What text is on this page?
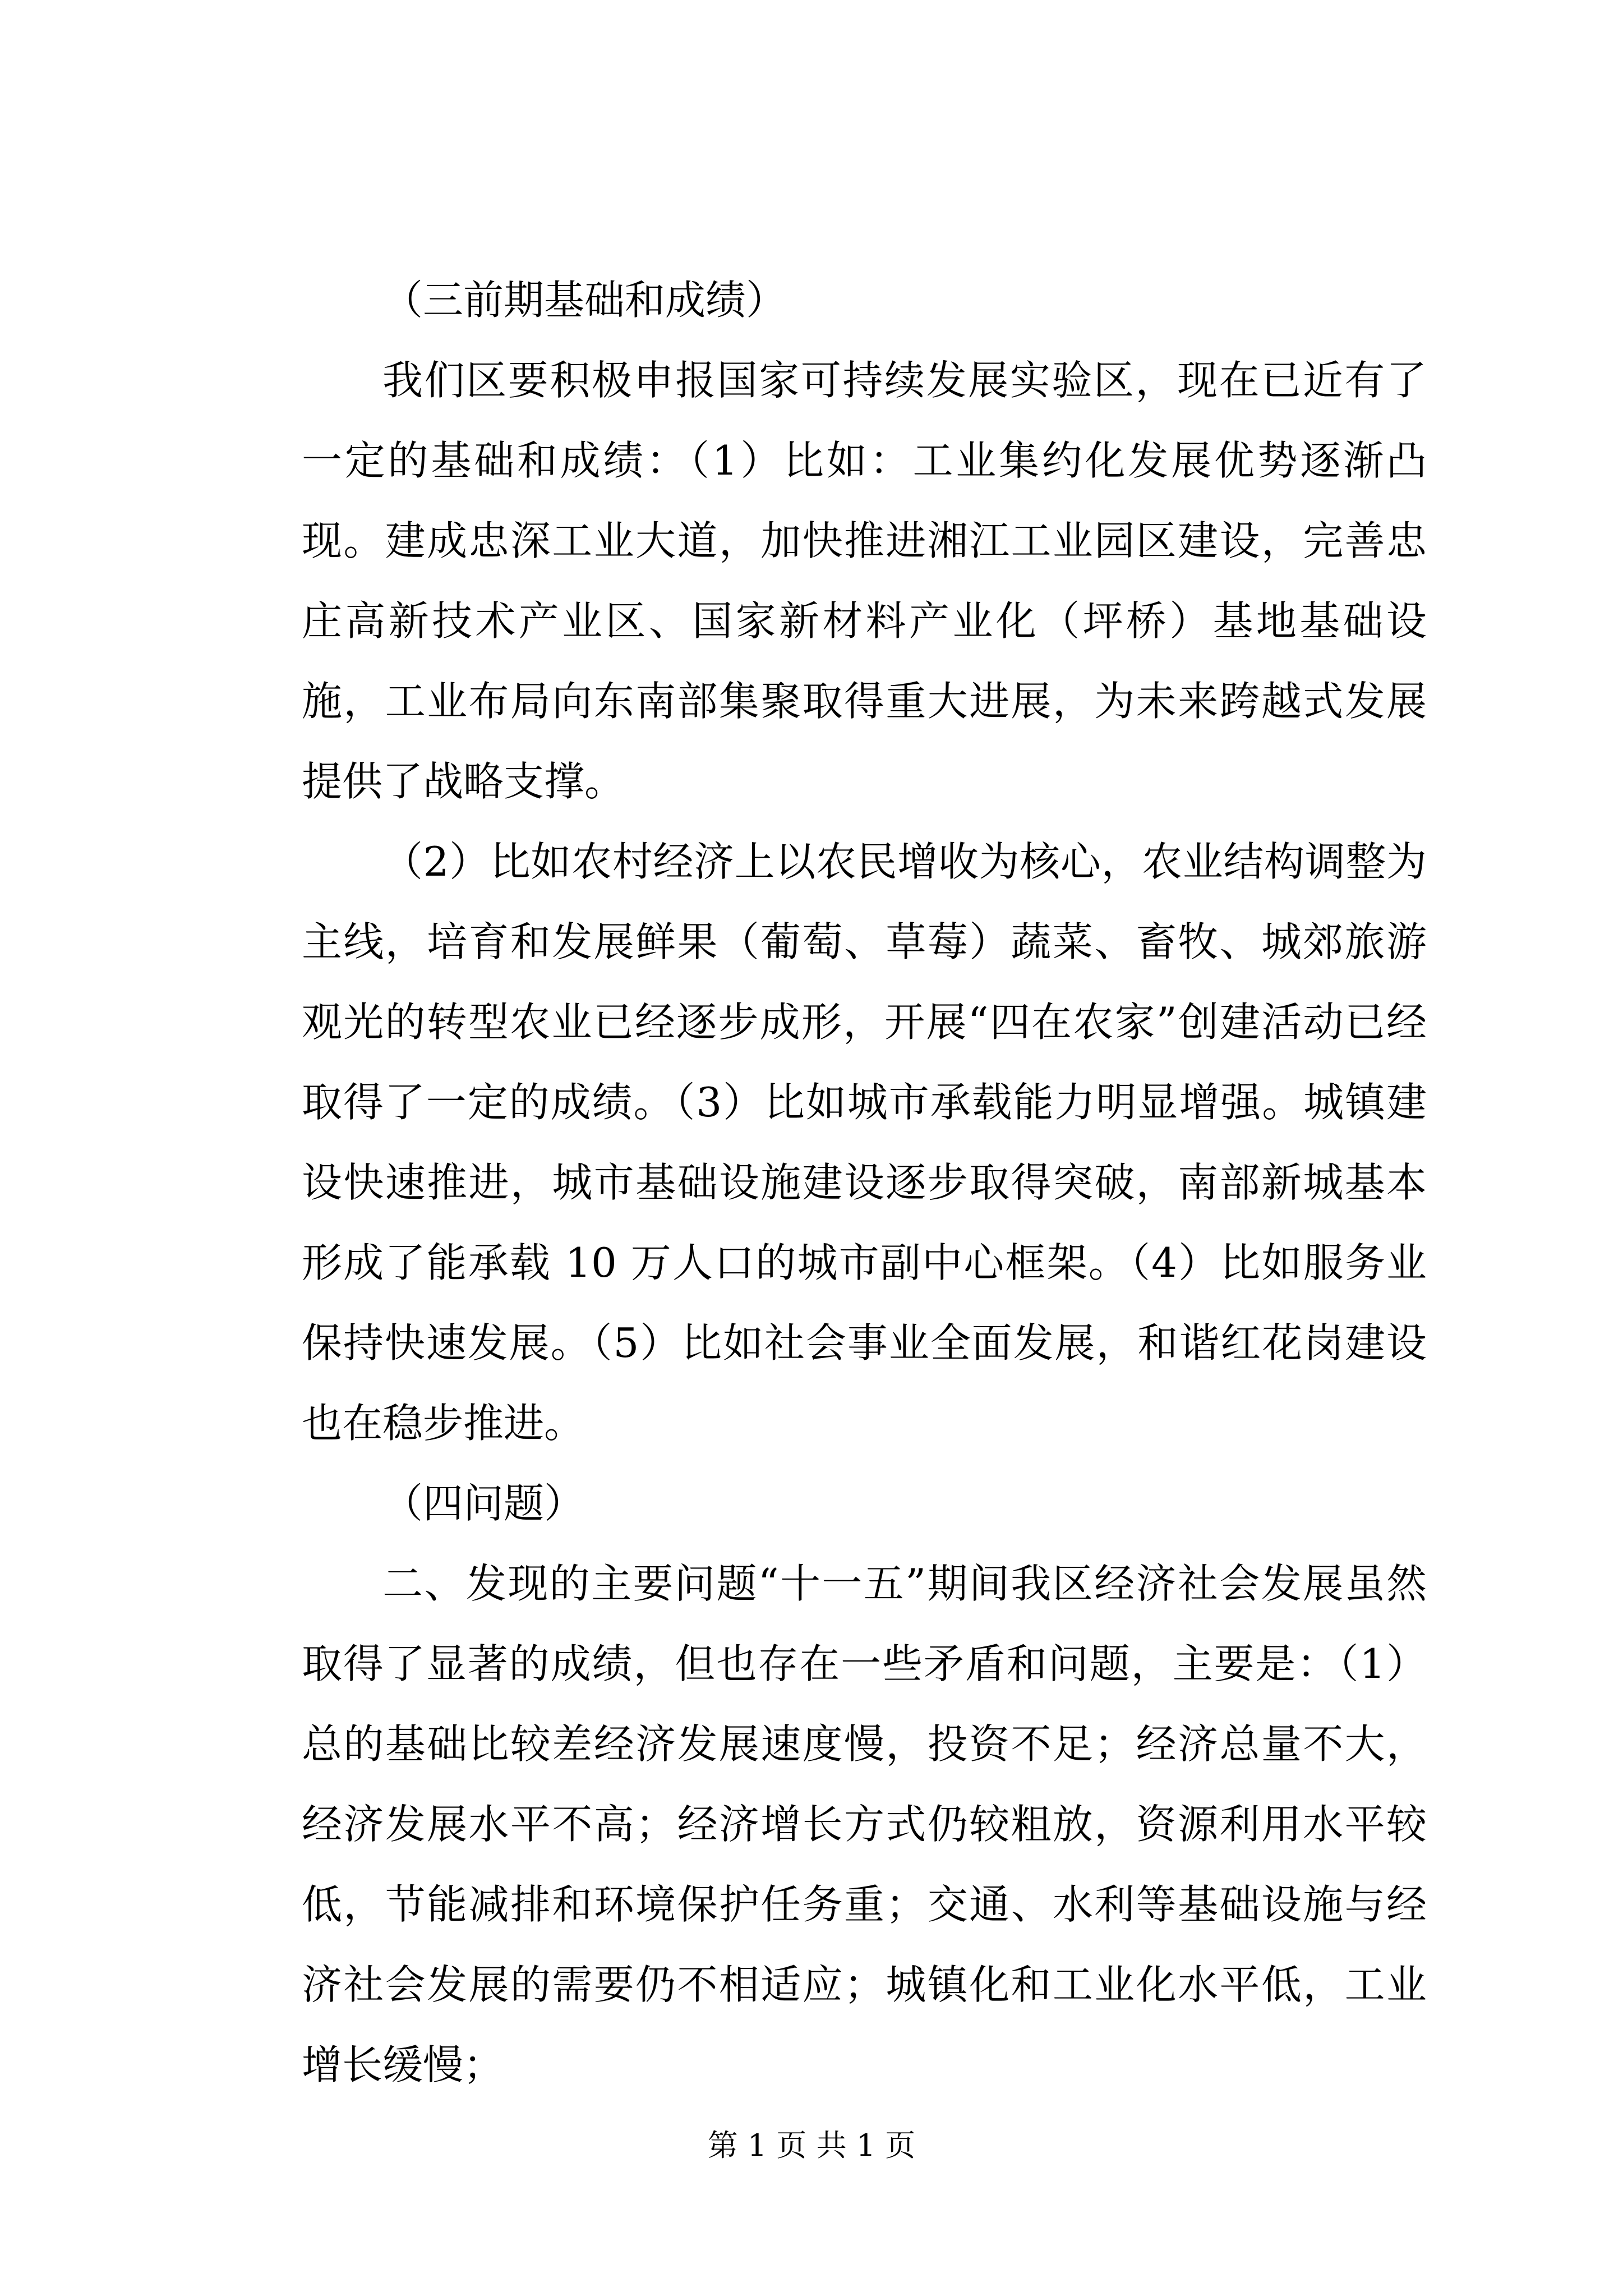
（三前期基础和成绩）

我们区要积极申报国家可持续发展实验区，现在已近有了一定的基础和成绩：（1）比如：工业集约化发展优势逐渐凸现。建成忠深工业大道，加快推进湘江工业园区建设，完善忠庄高新技术产业区、国家新材料产业化（坪桥）基地基础设施，工业布局向东南部集聚取得重大进展，为未来跨越式发展提供了战略支撑。

（2）比如农村经济上以农民增收为核心，农业结构调整为主线，培育和发展鲜果（葡萄、草莓）蔬菜、畜牧、城郊旅游观光的转型农业已经逐步成形，开展“四在农家”创建活动已经取得了一定的成绩。（3）比如城市承载能力明显增强。城镇建设快速推进，城市基础设施建设逐步取得突破，南部新城基本形成了能承载 10 万人口的城市副中心框架。（4）比如服务业保持快速发展。（5）比如社会事业全面发展，和谐红花岗建设也在稳步推进。

（四问题）

二、发现的主要问题“十一五”期间我区经济社会发展虽然取得了显著的成绩，但也存在一些矛盾和问题，主要是：（1）总的基础比较差经济发展速度慢，投资不足；经济总量不大，经济发展水平不高；经济增长方式仍较粗放，资源利用水平较低，节能减排和环境保护任务重；交通、水利等基础设施与经济社会发展的需要仍不相适应；城镇化和工业化水平低，工业增长缓慢；

第 1 页 共 1 页
